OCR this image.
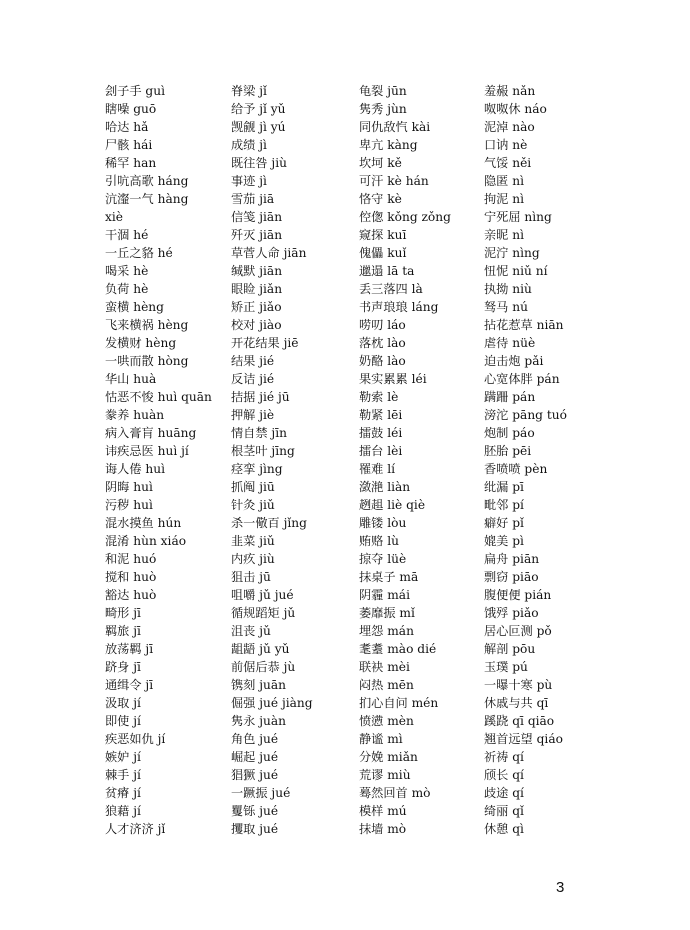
刽子手 guì
瞎噪 guō
哈达 hǎ
尸骸 hái
稀罕 han
引吭高歌 háng
沆瀣一气 hàng
xiè
干涸 hé
一丘之貉 hé
喝采 hè
负荷 hè
蛮横 hèng
飞来横祸 hèng
发横财 hèng
一哄而散 hòng
华山 huà
怙恶不悛 huì quān
豢养 huàn
病入膏肓 huāng
讳疾忌医 huì jí
诲人倦 huì
阴晦 huì
污秽 huì
混水摸鱼 hún
混淆 hùn xiáo
和泥 huó
搅和 huò
豁达 huò
畸形 jī
羁旅 jī
放荡羁 jī
跻身 jī
通缉令 jī
汲取 jí
即使 jí
疾恶如仇 jí
嫉妒 jí
棘手 jí
贫瘠 jí
狼藉 jí
人才济济 jǐ
脊梁 jǐ
给予 jǐ yǔ
觊觎 jì yú
成绩 jì
既往咎 jiù
事迹 jì
雪茄 jiā
信笺 jiān
歼灭 jiān
草菅人命 jiān
缄默 jiān
眼睑 jiǎn
矫正 jiǎo
校对 jiào
开花结果 jiē
结果 jié
反诘 jié
拮据 jié jū
押解 jiè
情自禁 jīn
根茎叶 jīng
痉挛 jìng
抓阄 jiū
针灸 jiǔ
杀一儆百 jǐng
韭菜 jiǔ
内疚 jiù
狙击 jū
咀嚼 jǔ jué
循规蹈矩 jǔ
沮丧 jǔ
龃龉 jǔ yǔ
前倨后恭 jù
镌刻 juān
倔强 jué jiàng
隽永 juàn
角色 jué
崛起 jué
猖獗 jué
一蹶振 jué
矍铄 jué
攫取 jué
龟裂 jūn
隽秀 jùn
同仇敌忾 kài
卑亢 kàng
坎坷 kě
可汗 kè hán
恪守 kè
倥偬 kǒng zǒng
窥探 kuī
傀儡 kuǐ
邋遢 lā ta
丢三落四 là
书声琅琅 láng
唠叨 láo
落枕 lào
奶酪 lào
果实累累 léi
勒索 lè
勒紧 lēi
擂鼓 léi
擂台 lèi
罹难 lí
潋滟 liàn
趔趄 liè qiè
雕镂 lòu
贿赂 lù
掠夺 lüè
抹桌子 mā
阴霾 mái
萎靡振 mǐ
埋怨 mán
耄耋 mào dié
联袂 mèi
闷热 mēn
扪心自问 mén
愤懑 mèn
静谧 mì
分娩 miǎn
荒谬 miù
蓦然回首 mò
模样 mú
抹墙 mò
羞赧 nǎn
呶呶休 náo
泥淖 nào
口讷 nè
气馁 něi
隐匿 nì
拘泥 nì
宁死屈 nìng
亲昵 nì
泥泞 nìng
忸怩 niǔ ní
执拗 niù
驽马 nú
拈花惹草 niān
虐待 nüè
迫击炮 pǎi
心宽体胖 pán
蹒跚 pán
滂沱 pāng tuó
炮制 páo
胚胎 pēi
香喷喷 pèn
纰漏 pī
毗邻 pí
癖好 pǐ
媲美 pì
扁舟 piān
剽窃 piāo
腹便便 pián
饿殍 piǎo
居心叵测 pǒ
解剖 pōu
玉璞 pú
一曝十寒 pù
休戚与共 qī
蹊跷 qī qiāo
翘首远望 qiáo
祈祷 qí
颀长 qí
歧途 qí
绮丽 qǐ
休憩 qì
3
